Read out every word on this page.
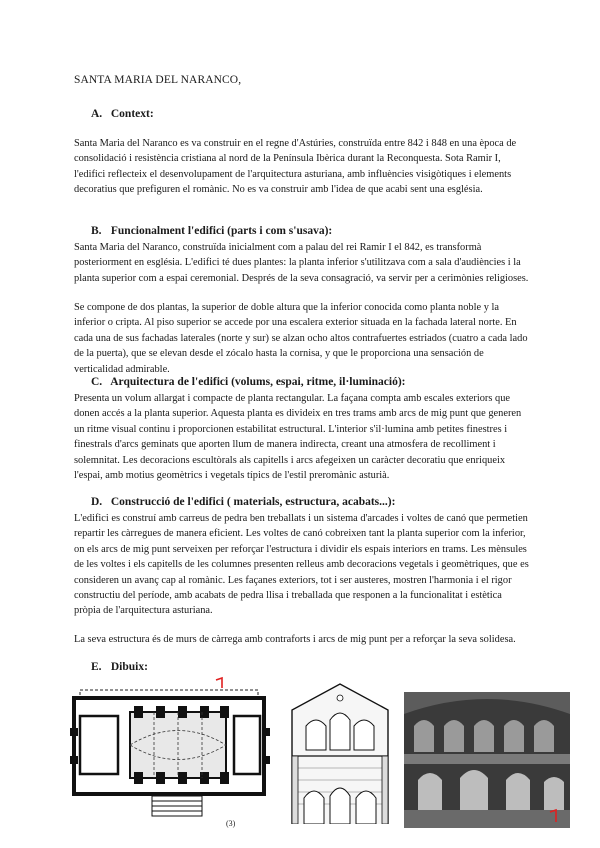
SANTA MARIA DEL NARANCO,

A. Context:

Santa Maria del Naranco es va construir en el regne d'Astúries, construïda entre 842 i 848 en una època de consolidació i resistència cristiana al nord de la Península Ibèrica durant la Reconquesta. Sota Ramir I, l'edifici reflecteix el desenvolupament de l'arquitectura asturiana, amb influències visigòtiques i elements decoratius que prefiguren el romànic. No es va construir amb l'idea de que acabi sent una església.

B. Funcionalment l'edifici (parts i com s'usava):

Santa Maria del Naranco, construïda inicialment com a palau del rei Ramir I el 842, es transformà posteriorment en església. L'edifici té dues plantes: la planta inferior s'utilitzava com a sala d'audiències i la planta superior com a espai ceremonial. Després de la seva consagració, va servir per a cerimònies religioses.

Se compone de dos plantas, la superior de doble altura que la inferior conocida como planta noble y la inferior o cripta. Al piso superior se accede por una escalera exterior situada en la fachada lateral norte. En cada una de sus fachadas laterales (norte y sur) se alzan ocho altos contrafuertes estriados (cuatro a cada lado de la puerta), que se elevan desde el zócalo hasta la cornisa, y que le proporciona una sensación de verticalidad admirable.

C. Arquitectura de l'edifici (volums, espai, ritme, il·luminació):

Presenta un volum allargat i compacte de planta rectangular. La façana compta amb escales exteriors que donen accés a la planta superior. Aquesta planta es divideix en tres trams amb arcs de mig punt que generen un ritme visual continu i proporcionen estabilitat estructural. L'interior s'il·lumina amb petites finestres i finestrals d'arcs geminats que aporten llum de manera indirecta, creant una atmosfera de recolliment i solemnitat. Les decoracions escultòrals als capitells i arcs afegeixen un caràcter decoratiu que enriqueix l'espai, amb motius geomètrics i vegetals típics de l'estil preromànic asturià.

D. Construcció de l'edifici ( materials, estructura, acabats...):

L'edifici es construí amb carreus de pedra ben treballats i un sistema d'arcades i voltes de canó que permetien repartir les càrregues de manera eficient. Les voltes de canó cobreixen tant la planta superior com la inferior, on els arcs de mig punt serveixen per reforçar l'estructura i dividir els espais interiors en trams. Les mènsules de les voltes i els capitells de les columnes presenten relleus amb decoracions vegetals i geomètriques, que es consideren un avanç cap al romànic. Les façanes exteriors, tot i ser austeres, mostren l'harmonia i el rigor constructiu del període, amb acabats de pedra llisa i treballada que responen a la funcionalitat i estètica pròpia de l'arquitectura asturiana.

La seva estructura és de murs de càrrega amb contraforts i arcs de mig punt per a reforçar la seva solidesa.

E. Dibuix:
(3)
